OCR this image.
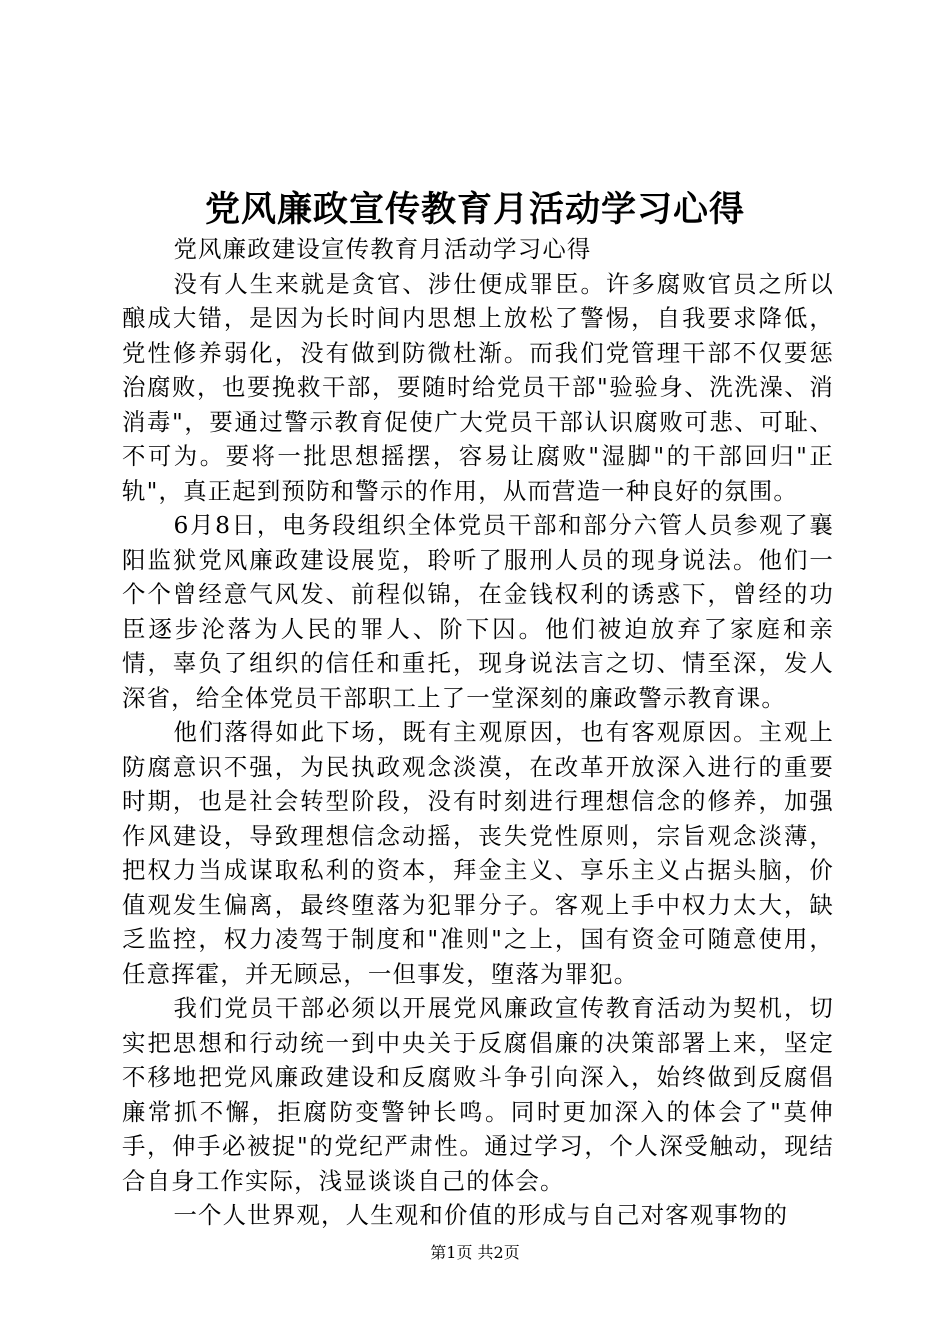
党风廉政宣传教育月活动学习心得

党风廉政建设宣传教育月活动学习心得

没有人生来就是贪官、涉仕便成罪臣。许多腐败官员之所以酿成大错，是因为长时间内思想上放松了警惕，自我要求降低，党性修养弱化，没有做到防微杜渐。而我们党管理干部不仅要惩治腐败，也要挽救干部，要随时给党员干部"验验身、洗洗澡、消消毒"，要通过警示教育促使广大党员干部认识腐败可悲、可耻、不可为。要将一批思想摇摆，容易让腐败"湿脚"的干部回归"正轨"，真正起到预防和警示的作用，从而营造一种良好的氛围。

6月8日，电务段组织全体党员干部和部分六管人员参观了襄阳监狱党风廉政建设展览，聆听了服刑人员的现身说法。他们一个个曾经意气风发、前程似锦，在金钱权利的诱惑下，曾经的功臣逐步沦落为人民的罪人、阶下囚。他们被迫放弃了家庭和亲情，辜负了组织的信任和重托，现身说法言之切、情至深，发人深省，给全体党员干部职工上了一堂深刻的廉政警示教育课。

他们落得如此下场，既有主观原因，也有客观原因。主观上防腐意识不强，为民执政观念淡漠，在改革开放深入进行的重要时期，也是社会转型阶段，没有时刻进行理想信念的修养，加强作风建设，导致理想信念动摇，丧失党性原则，宗旨观念淡薄，把权力当成谋取私利的资本，拜金主义、享乐主义占据头脑，价值观发生偏离，最终堕落为犯罪分子。客观上手中权力太大，缺乏监控，权力凌驾于制度和"准则"之上，国有资金可随意使用，任意挥霍，并无顾忌，一但事发，堕落为罪犯。

我们党员干部必须以开展党风廉政宣传教育活动为契机，切实把思想和行动统一到中央关于反腐倡廉的决策部署上来，坚定不移地把党风廉政建设和反腐败斗争引向深入，始终做到反腐倡廉常抓不懈，拒腐防变警钟长鸣。同时更加深入的体会了"莫伸手，伸手必被捉"的党纪严肃性。通过学习，个人深受触动，现结合自身工作实际，浅显谈谈自己的体会。

一个人世界观，人生观和价值的形成与自己对客观事物的

第1页 共2页
